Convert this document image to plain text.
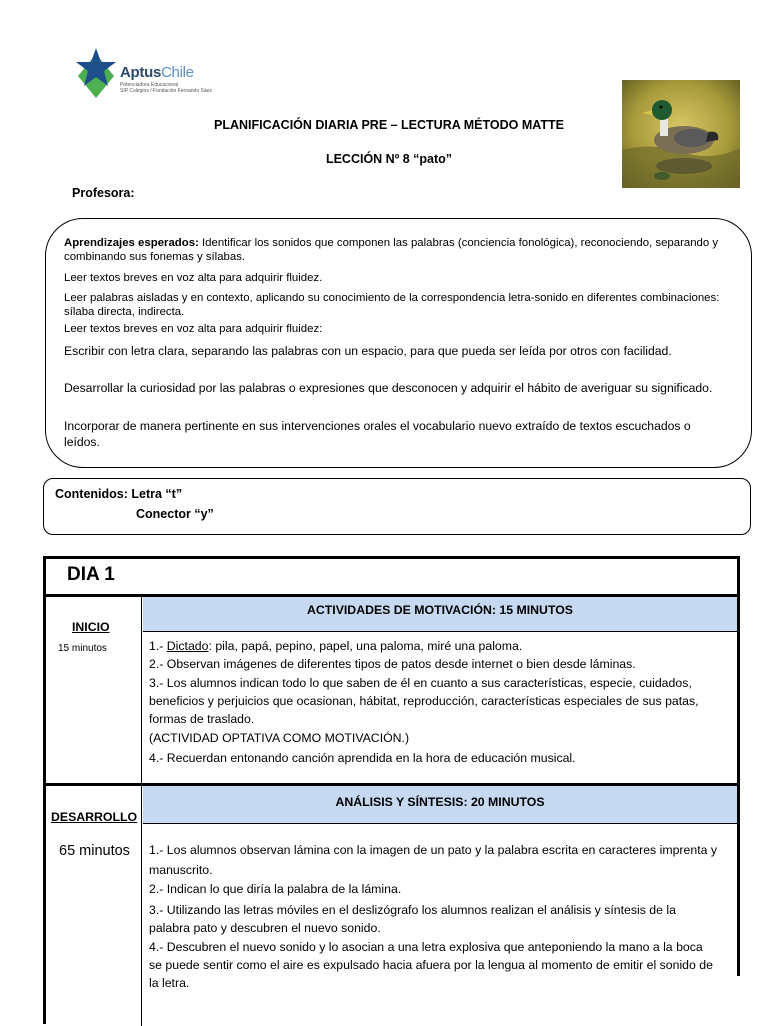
AptusChile
Potenciadora Educacional
SIP Colegios / Fundación Fernando Sáez
PLANIFICACIÓN DIARIA PRE – LECTURA MÉTODO MATTE
LECCIÓN Nº 8 “pato”
Profesora:
Aprendizajes esperados: Identificar los sonidos que componen las palabras (conciencia fonológica), reconociendo, separando y combinando sus fonemas y sílabas.
Leer textos breves en voz alta para adquirir fluidez.
Leer palabras aisladas y en contexto, aplicando su conocimiento de la correspondencia letra-sonido en diferentes combinaciones: sílaba directa, indirecta.
Leer textos breves en voz alta para adquirir fluidez:
Escribir con letra clara, separando las palabras con un espacio, para que pueda ser leída por otros con facilidad.
Desarrollar la curiosidad por las palabras o expresiones que desconocen y adquirir el hábito de averiguar su significado.
Incorporar de manera pertinente en sus intervenciones orales el vocabulario nuevo extraído de textos escuchados o leídos.
Contenidos: Letra “t”
Conector “y”
DIA 1
ACTIVIDADES DE MOTIVACIÓN: 15 MINUTOS
INICIO
15 minutos	1.- Dictado: pila, papá, pepino, papel, una paloma, miré una paloma.
2.- Observan imágenes de diferentes tipos de patos desde internet o bien desde láminas.
3.- Los alumnos indican todo lo que saben de él en cuanto a sus características, especie, cuidados, beneficios y perjuicios que ocasionan, hábitat, reproducción, características especiales de sus patas, formas de traslado.
(ACTIVIDAD OPTATIVA COMO MOTIVACIÓN.)
4.- Recuerdan entonando canción aprendida en la hora de educación musical.
ANÁLISIS Y SÍNTESIS: 20 MINUTOS
DESARROLLO
65 minutos 1.- Los alumnos observan lámina con la imagen de un pato y la palabra escrita en caracteres imprenta y manuscrito.
2.- Indican lo que diría la palabra de la lámina.
3.- Utilizando las letras móviles en el deslizógrafo los alumnos realizan el análisis y síntesis de la palabra pato y descubren el nuevo sonido.
4.- Descubren el nuevo sonido y lo asocian a una letra explosiva que anteponiendo la mano a la boca se puede sentir como el aire es expulsado hacia afuera por la lengua al momento de emitir el sonido de la letra.
